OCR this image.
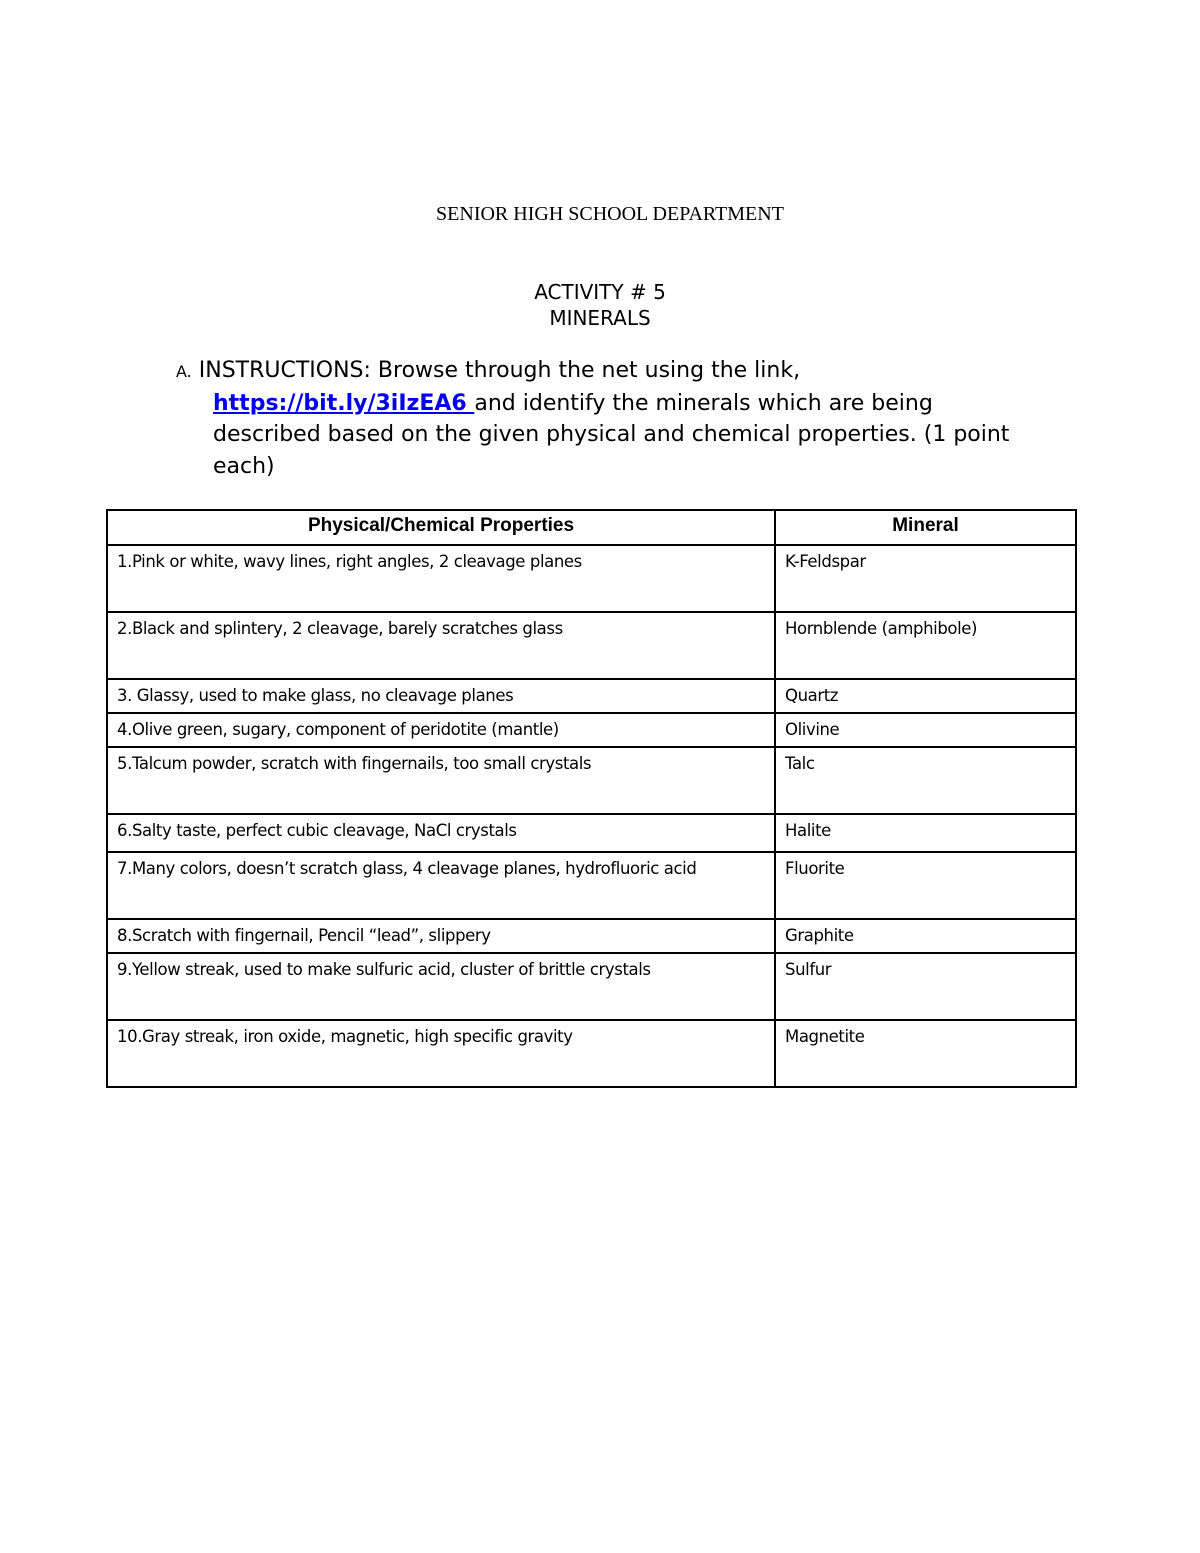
SENIOR HIGH SCHOOL DEPARTMENT
ACTIVITY # 5
MINERALS
A. INSTRUCTIONS: Browse through the net using the link,
https://bit.ly/3iIzEA6 and identify the minerals which are being described based on the given physical and chemical properties. (1 point each)
Physical/Chemical Properties	Mineral
1.Pink or white, wavy lines, right angles, 2 cleavage planes	K-Feldspar
2.Black and splintery, 2 cleavage, barely scratches glass	Hornblende (amphibole)
3. Glassy, used to make glass, no cleavage planes	Quartz
4.Olive green, sugary, component of peridotite (mantle)	Olivine
5.Talcum powder, scratch with fingernails, too small crystals	Talc
6.Salty taste, perfect cubic cleavage, NaCl crystals	Halite
7.Many colors, doesn’t scratch glass, 4 cleavage planes, hydrofluoric acid	Fluorite
8.Scratch with fingernail, Pencil “lead”, slippery	Graphite
9.Yellow streak, used to make sulfuric acid, cluster of brittle crystals	Sulfur
10.Gray streak, iron oxide, magnetic, high specific gravity	Magnetite
